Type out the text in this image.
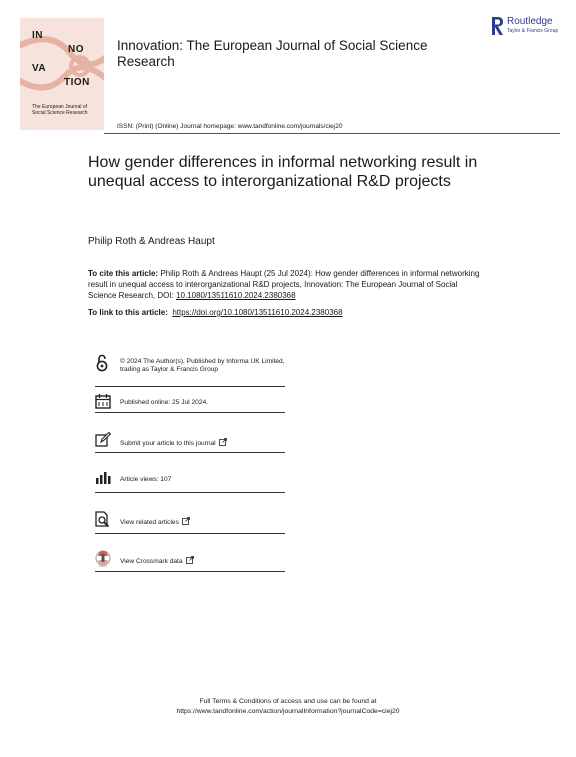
IN
NO
VA
TION
The European Journal of Social Science Research
Innovation: The European Journal of Social Science Research
Routledge
Taylor & Francis Group
ISSN: (Print) (Online) Journal homepage: www.tandfonline.com/journals/ciej20
How gender differences in informal networking result in unequal access to interorganizational R&D projects
Philip Roth & Andreas Haupt
To cite this article: Philip Roth & Andreas Haupt (25 Jul 2024): How gender differences in informal networking result in unequal access to interorganizational R&D projects, Innovation: The European Journal of Social Science Research, DOI: 10.1080/13511610.2024.2380368
To link to this article: https://doi.org/10.1080/13511610.2024.2380368
© 2024 The Author(s). Published by Informa UK Limited, trading as Taylor & Francis Group
Published online: 25 Jul 2024.
Submit your article to this journal
Article views: 107
View related articles
View Crossmark data
Full Terms & Conditions of access and use can be found at
https://www.tandfonline.com/action/journalInformation?journalCode=ciej20
